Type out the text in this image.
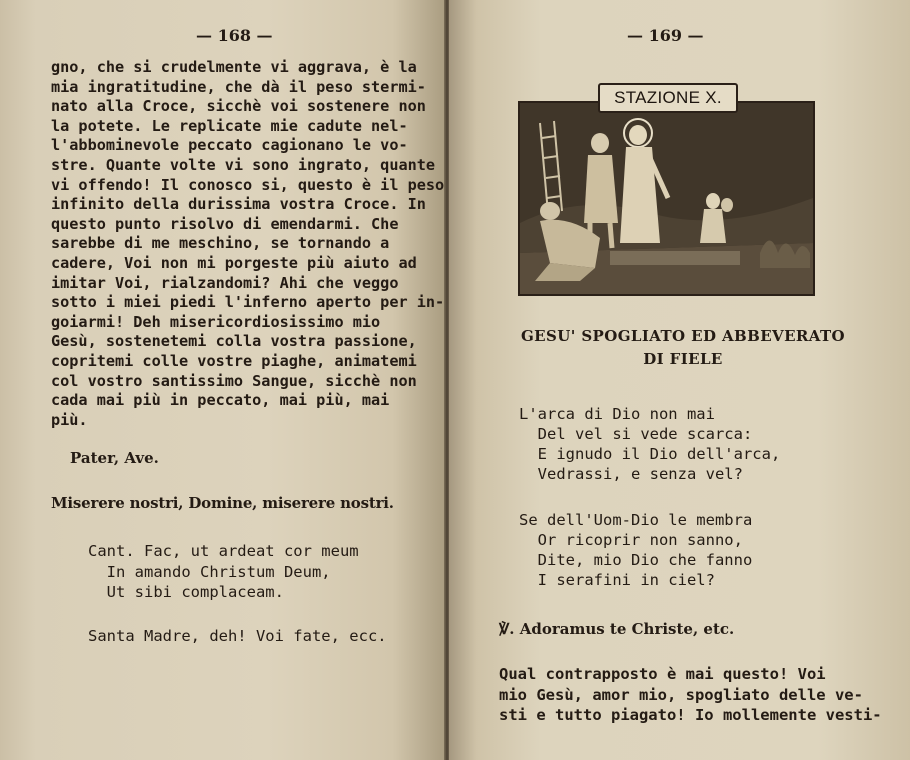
— 168 —
gno, che si crudelmente vi aggrava, è la
mia ingratitudine, che dà il peso stermi-
nato alla Croce, sicchè voi sostenere non
la potete. Le replicate mie cadute nel-
l'abbominevole peccato cagionano le vo-
stre. Quante volte vi sono ingrato, quante
vi offendo! Il conosco si, questo è il peso
infinito della durissima vostra Croce. In
questo punto risolvo di emendarmi. Che
sarebbe di me meschino, se tornando a
cadere, Voi non mi porgeste più aiuto ad
imitar Voi, rialzandomi? Ahi che veggo
sotto i miei piedi l'inferno aperto per in-
goiarmi! Deh misericordiosissimo mio
Gesù, sostenetemi colla vostra passione,
copritemi colle vostre piaghe, animatemi
col vostro santissimo Sangue, sicchè non
cada mai più in peccato, mai più, mai
più.
Pater, Ave.
Miserere nostri, Domine, miserere nostri.
Cant. Fac, ut ardeat cor meum
In amando Christum Deum,
Ut sibi complaceam.
Santa Madre, deh! Voi fate, ecc.
— 169 —
STAZIONE X.
GESU' SPOGLIATO ED ABBEVERATO
DI FIELE
L'arca di Dio non mai
Del vel si vede scarca:
E ignudo il Dio dell'arca,
Vedrassi, e senza vel?
Se dell'Uom-Dio le membra
Or ricoprir non sanno,
Dite, mio Dio che fanno
I serafini in ciel?
℣. Adoramus te Christe, etc.
Qual contrapposto è mai questo! Voi
mio Gesù, amor mio, spogliato delle ve-
sti e tutto piagato! Io mollemente vesti-
